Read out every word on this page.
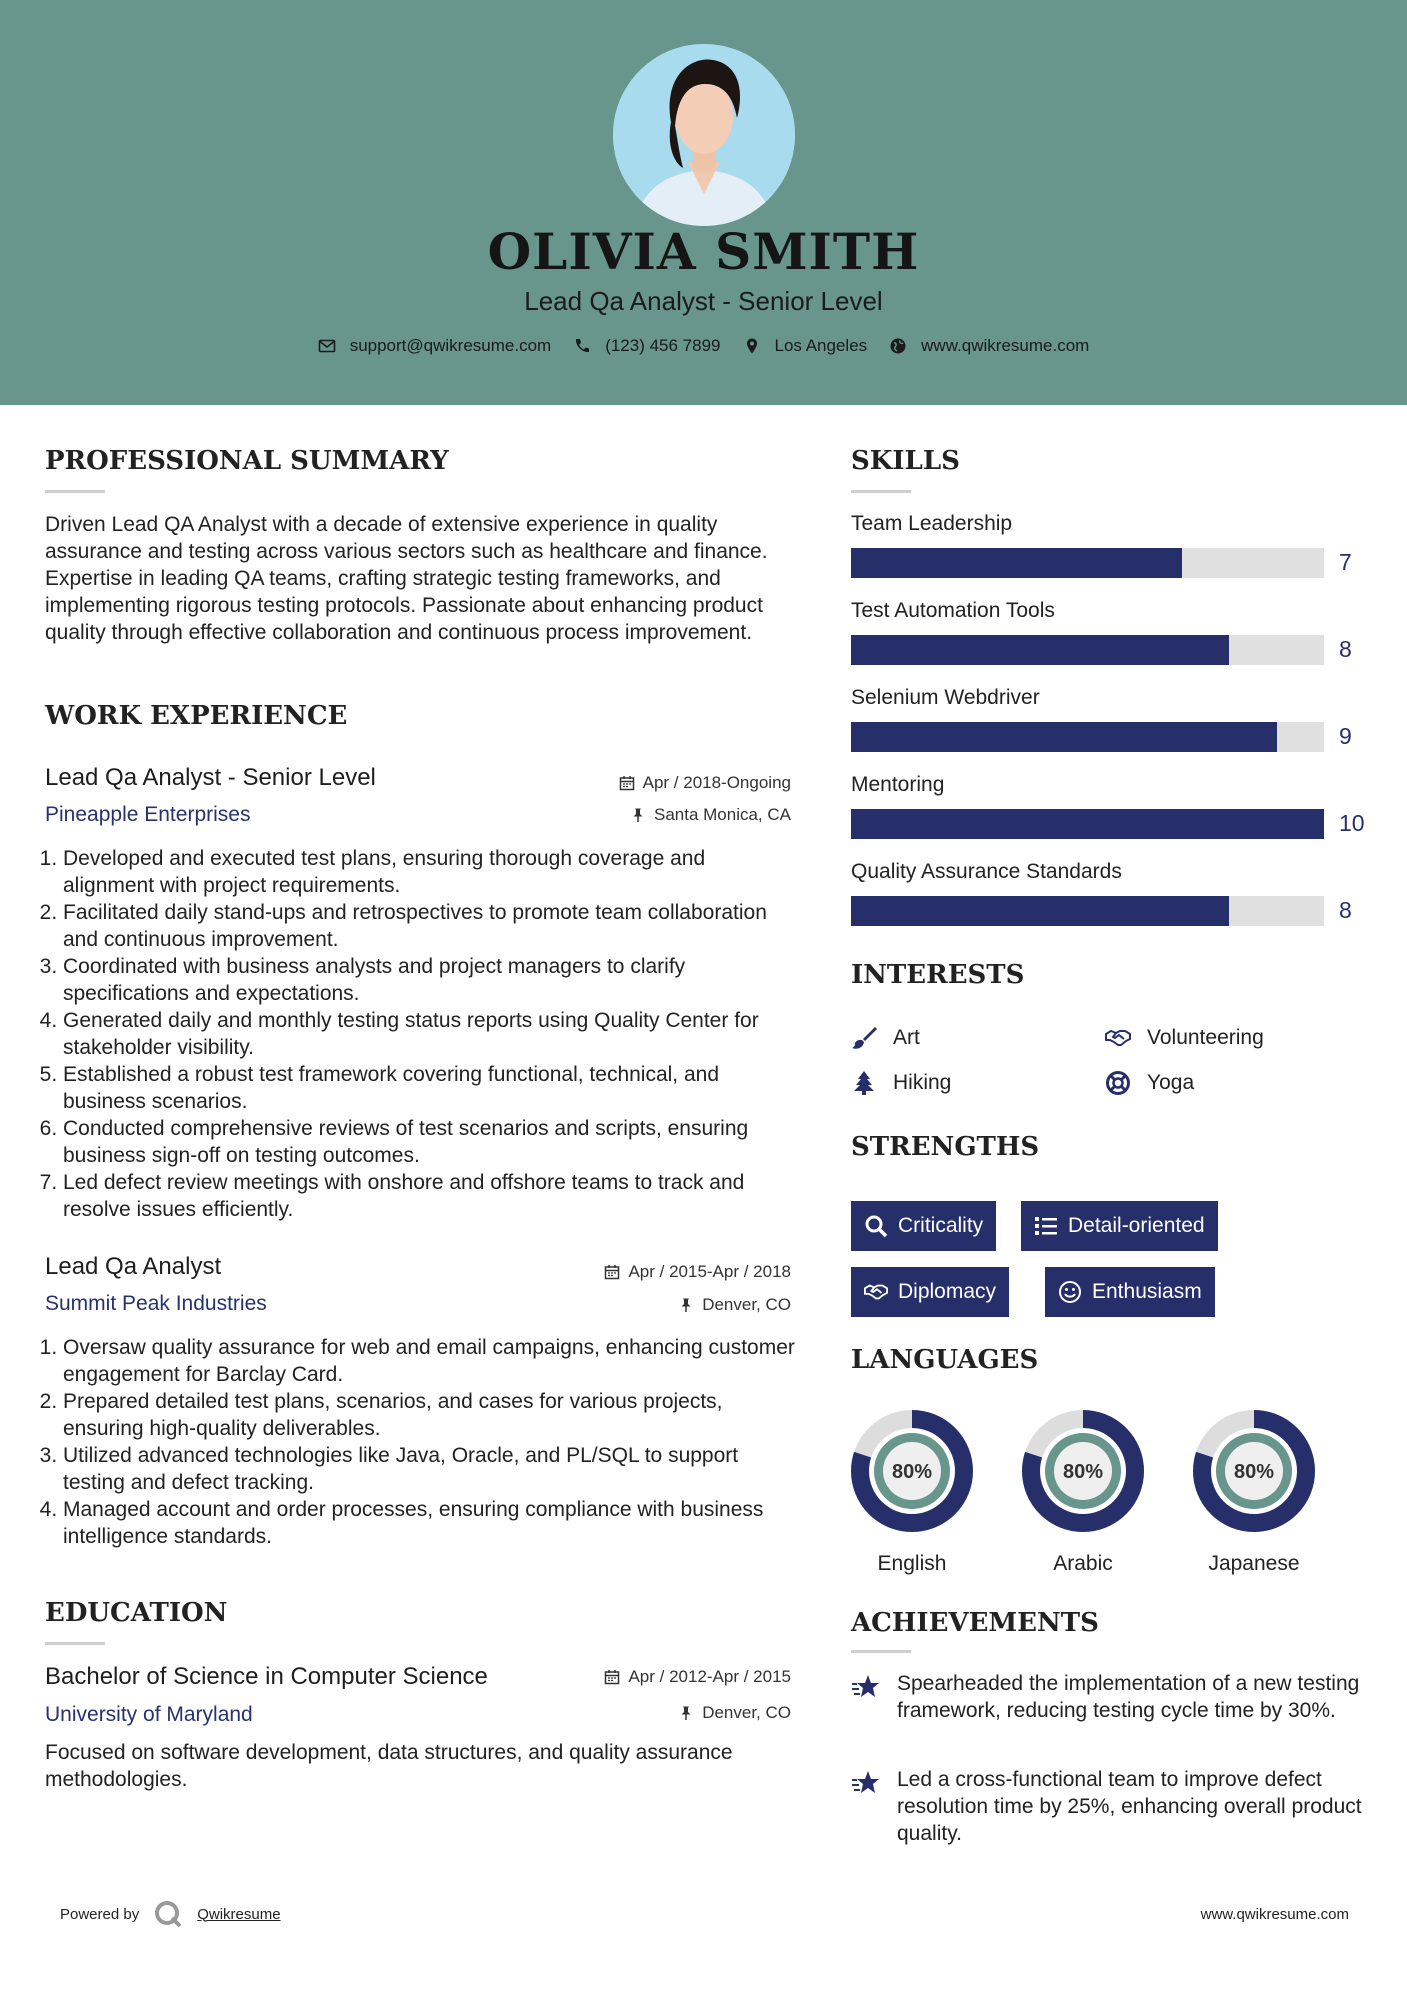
OLIVIA SMITH
Lead Qa Analyst - Senior Level
support@qwikresume.com	(123) 456 7899	Los Angeles	www.qwikresume.com
PROFESSIONAL SUMMARY
Driven Lead QA Analyst with a decade of extensive experience in quality assurance and testing across various sectors such as healthcare and finance. Expertise in leading QA teams, crafting strategic testing frameworks, and implementing rigorous testing protocols. Passionate about enhancing product quality through effective collaboration and continuous process improvement.
WORK EXPERIENCE
Lead Qa Analyst - Senior Level
Pineapple Enterprises
Apr / 2018-Ongoing
Santa Monica, CA
1. Developed and executed test plans, ensuring thorough coverage and alignment with project requirements.
2. Facilitated daily stand-ups and retrospectives to promote team collaboration and continuous improvement.
3. Coordinated with business analysts and project managers to clarify specifications and expectations.
4. Generated daily and monthly testing status reports using Quality Center for stakeholder visibility.
5. Established a robust test framework covering functional, technical, and business scenarios.
6. Conducted comprehensive reviews of test scenarios and scripts, ensuring business sign-off on testing outcomes.
7. Led defect review meetings with onshore and offshore teams to track and resolve issues efficiently.
Lead Qa Analyst
Summit Peak Industries
Apr / 2015-Apr / 2018
Denver, CO
1. Oversaw quality assurance for web and email campaigns, enhancing customer engagement for Barclay Card.
2. Prepared detailed test plans, scenarios, and cases for various projects, ensuring high-quality deliverables.
3. Utilized advanced technologies like Java, Oracle, and PL/SQL to support testing and defect tracking.
4. Managed account and order processes, ensuring compliance with business intelligence standards.
EDUCATION
Bachelor of Science in Computer Science
University of Maryland
Apr / 2012-Apr / 2015
Denver, CO
Focused on software development, data structures, and quality assurance methodologies.
SKILLS
Team Leadership
7
Test Automation Tools
8
Selenium Webdriver
9
Mentoring
10
Quality Assurance Standards
8
INTERESTS
Art	Volunteering
Hiking	Yoga
STRENGTHS
Criticality	Detail-oriented
Diplomacy	Enthusiasm
LANGUAGES
80%
English
80%
Arabic
80%
Japanese
ACHIEVEMENTS
Spearheaded the implementation of a new testing framework, reducing testing cycle time by 30%.
Led a cross-functional team to improve defect resolution time by 25%, enhancing overall product quality.
Powered by	Qwikresume	www.qwikresume.com
